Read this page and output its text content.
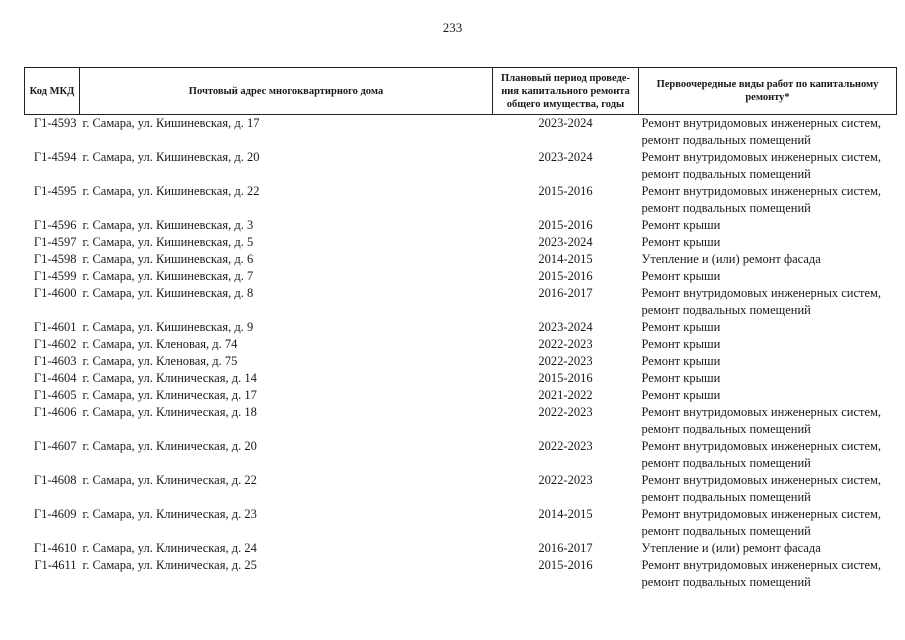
233
Код МКД	Почтовый адрес многоквартирного дома	Плановый период проведе-ния капитального ремонта общего имущества, годы	Первоочередные виды работ по капитальному ремонту*
Г1-4593	г. Самара, ул. Кишиневская, д. 17	2023-2024	Ремонт внутридомовых инженерных систем,
ремонт подвальных помещений

Г1-4594	г. Самара, ул. Кишиневская, д. 20	2023-2024	Ремонт внутридомовых инженерных систем,
ремонт подвальных помещений

Г1-4595	г. Самара, ул. Кишиневская, д. 22	2015-2016	Ремонт внутридомовых инженерных систем,
ремонт подвальных помещений

Г1-4596	г. Самара, ул. Кишиневская, д. 3	2015-2016	Ремонт крыши

Г1-4597	г. Самара, ул. Кишиневская, д. 5	2023-2024	Ремонт крыши

Г1-4598	г. Самара, ул. Кишиневская, д. 6	2014-2015	Утепление и (или) ремонт фасада

Г1-4599	г. Самара, ул. Кишиневская, д. 7	2015-2016	Ремонт крыши

Г1-4600	г. Самара, ул. Кишиневская, д. 8	2016-2017	Ремонт внутридомовых инженерных систем,
ремонт подвальных помещений

Г1-4601	г. Самара, ул. Кишиневская, д. 9	2023-2024	Ремонт крыши

Г1-4602	г. Самара, ул. Кленовая, д. 74	2022-2023	Ремонт крыши

Г1-4603	г. Самара, ул. Кленовая, д. 75	2022-2023	Ремонт крыши

Г1-4604	г. Самара, ул. Клиническая, д. 14	2015-2016	Ремонт крыши

Г1-4605	г. Самара, ул. Клиническая, д. 17	2021-2022	Ремонт крыши

Г1-4606	г. Самара, ул. Клиническая, д. 18	2022-2023	Ремонт внутридомовых инженерных систем,
ремонт подвальных помещений

Г1-4607	г. Самара, ул. Клиническая, д. 20	2022-2023	Ремонт внутридомовых инженерных систем,
ремонт подвальных помещений

Г1-4608	г. Самара, ул. Клиническая, д. 22	2022-2023	Ремонт внутридомовых инженерных систем,
ремонт подвальных помещений

Г1-4609	г. Самара, ул. Клиническая, д. 23	2014-2015	Ремонт внутридомовых инженерных систем,
ремонт подвальных помещений

Г1-4610	г. Самара, ул. Клиническая, д. 24	2016-2017	Утепление и (или) ремонт фасада

Г1-4611	г. Самара, ул. Клиническая, д. 25	2015-2016	Ремонт внутридомовых инженерных систем,
ремонт подвальных помещений
